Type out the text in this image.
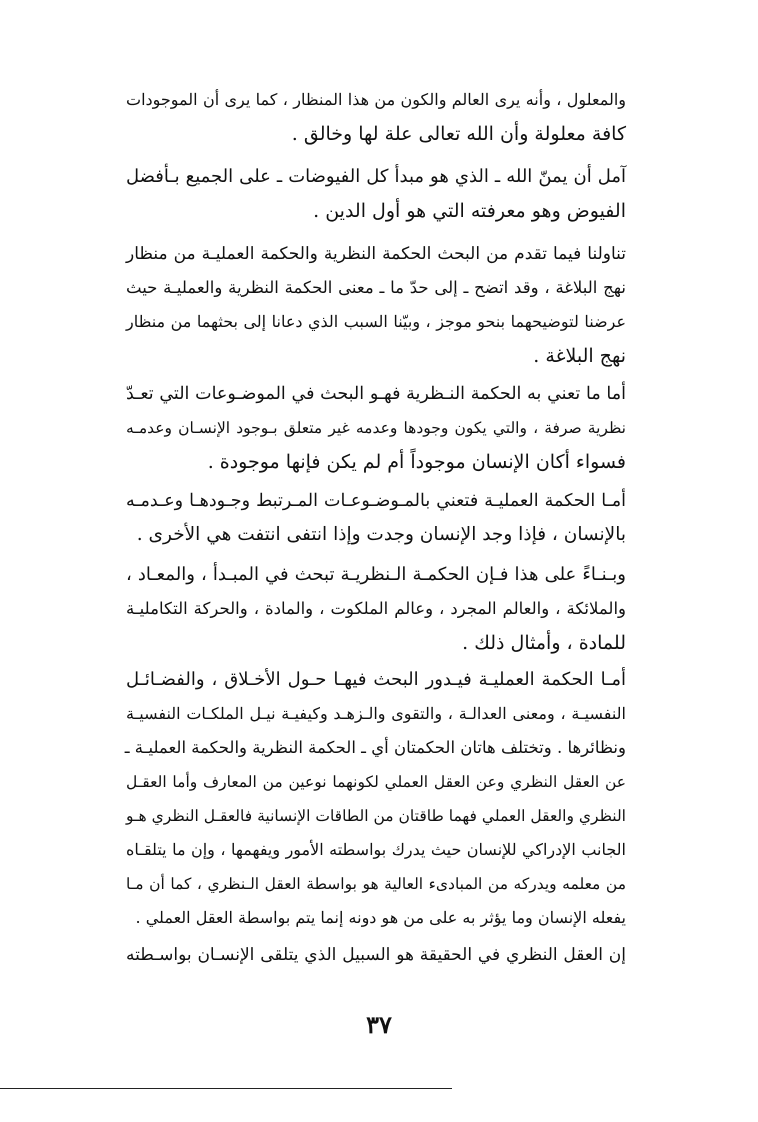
والمعلول ، وأنه يرى العالم والكون من هذا المنظار ، كما يرى أن الموجودات
كافة معلولة وأن الله تعالى علة لها وخالق .
آمل أن يمنّ الله ـ الذي هو مبدأ كل الفيوضات ـ على الجميع بـأفضل
الفيوض وهو معرفته التي هو أول الدين .
تناولنا فيما تقدم من البحث الحكمة النظرية والحكمة العمليـة من منظار
نهج البلاغة ، وقد اتضح ـ إلى حدّ ما ـ معنى الحكمة النظرية والعمليـة حيث
عرضنا لتوضيحهما بنحو موجز ، وبيّنا السبب الذي دعانا إلى بحثهما من منظار
نهج البلاغة .
أما ما تعني به الحكمة النـظرية فهـو البحث في الموضـوعات التي تعـدّ
نظرية صرفة ، والتي يكون وجودها وعدمه غير متعلق بـوجود الإنسـان وعدمـه
فسواء أكان الإنسان موجوداً أم لم يكن فإنها موجودة .
أمـا الحكمة العمليـة فتعني بالمـوضـوعـات المـرتبط وجـودهـا وعـدمـه
بالإنسان ، فإذا وجد الإنسان وجدت وإذا انتفى انتفت هي الأخرى .
وبـنـاءً على هذا فـإن الحكمـة الـنظريـة تبحث في المبـدأ ، والمعـاد ،
والملائكة ، والعالم المجرد ، وعالم الملكوت ، والمادة ، والحركة التكامليـة
للمادة ، وأمثال ذلك .
أمـا الحكمة العمليـة فيـدور البحث فيهـا حـول الأخـلاق ، والفضـائـل
النفسيـة ، ومعنى العدالـة ، والتقوى والـزهـد وكيفيـة نيـل الملكـات النفسيـة
ونظائرها . وتختلف هاتان الحكمتان أي ـ الحكمة النظرية والحكمة العمليـة ـ
عن العقل النظري وعن العقل العملي لكونهما نوعين من المعارف وأما العقـل
النظري والعقل العملي فهما طاقتان من الطاقات الإنسانية فالعقـل النظري هـو
الجانب الإدراكي للإنسان حيث يدرك بواسطته الأمور ويفهمها ، وإن ما يتلقـاه
من معلمه ويدركه من المبادىء العالية هو بواسطة العقل الـنظري ، كما أن مـا
يفعله الإنسان وما يؤثر به على من هو دونه إنما يتم بواسطة العقل العملي .
إن العقل النظري في الحقيقة هو السبيل الذي يتلقى الإنسـان بواسـطته
٣٧
